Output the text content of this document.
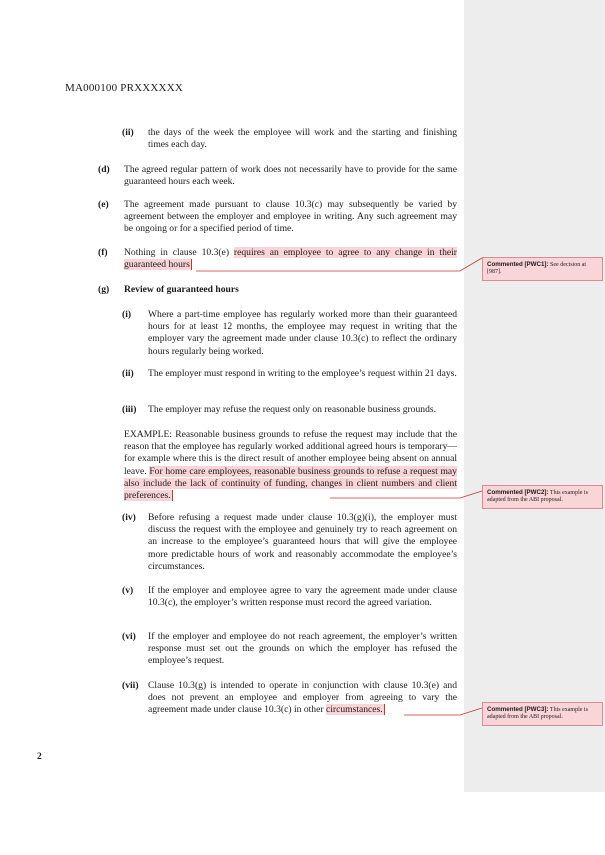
MA000100 PRXXXXXX
(ii) the days of the week the employee will work and the starting and finishing times each day.
(d) The agreed regular pattern of work does not necessarily have to provide for the same guaranteed hours each week.
(e) The agreement made pursuant to clause 10.3(c) may subsequently be varied by agreement between the employer and employee in writing. Any such agreement may be ongoing or for a specified period of time.
(f) Nothing in clause 10.3(e) requires an employee to agree to any change in their guaranteed hours
(g) Review of guaranteed hours
(i) Where a part-time employee has regularly worked more than their guaranteed hours for at least 12 months, the employee may request in writing that the employer vary the agreement made under clause 10.3(c) to reflect the ordinary hours regularly being worked.
(ii) The employer must respond in writing to the employee’s request within 21 days.
(iii) The employer may refuse the request only on reasonable business grounds.
EXAMPLE: Reasonable business grounds to refuse the request may include that the reason that the employee has regularly worked additional agreed hours is temporary—for example where this is the direct result of another employee being absent on annual leave. For home care employees, reasonable business grounds to refuse a request may also include the lack of continuity of funding, changes in client numbers and client preferences.
(iv) Before refusing a request made under clause 10.3(g)(i), the employer must discuss the request with the employee and genuinely try to reach agreement on an increase to the employee’s guaranteed hours that will give the employee more predictable hours of work and reasonably accommodate the employee’s circumstances.
(v) If the employer and employee agree to vary the agreement made under clause 10.3(c), the employer’s written response must record the agreed variation.
(vi) If the employer and employee do not reach agreement, the employer’s written response must set out the grounds on which the employer has refused the employee’s request.
(vii) Clause 10.3(g) is intended to operate in conjunction with clause 10.3(e) and does not prevent an employee and employer from agreeing to vary the agreement made under clause 10.3(c) in other circumstances.
Commented [PWC1]: See decision at [987].
Commented [PWC2]: This example is adapted from the ABI proposal.
Commented [PWC3]: This example is adapted from the ABI proposal.
2
